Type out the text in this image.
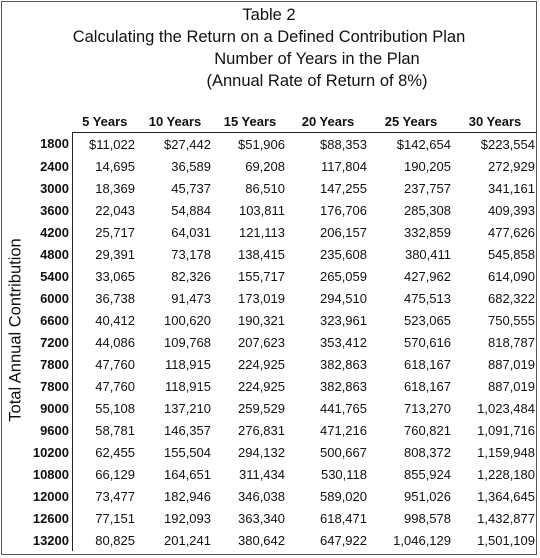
Table 2
Calculating the Return on a Defined Contribution Plan
Number of Years in the Plan
(Annual Rate of Return of 8%)
Total Annual Contribution
	5 Years	10 Years	15 Years	20 Years	25 Years	30 Years
1800	$11,022	$27,442	$51,906	$88,353	$142,654	$223,554
2400	14,695	36,589	69,208	117,804	190,205	272,929
3000	18,369	45,737	86,510	147,255	237,757	341,161
3600	22,043	54,884	103,811	176,706	285,308	409,393
4200	25,717	64,031	121,113	206,157	332,859	477,626
4800	29,391	73,178	138,415	235,608	380,411	545,858
5400	33,065	82,326	155,717	265,059	427,962	614,090
6000	36,738	91,473	173,019	294,510	475,513	682,322
6600	40,412	100,620	190,321	323,961	523,065	750,555
7200	44,086	109,768	207,623	353,412	570,616	818,787
7800	47,760	118,915	224,925	382,863	618,167	887,019
7800	47,760	118,915	224,925	382,863	618,167	887,019
9000	55,108	137,210	259,529	441,765	713,270	1,023,484
9600	58,781	146,357	276,831	471,216	760,821	1,091,716
10200	62,455	155,504	294,132	500,667	808,372	1,159,948
10800	66,129	164,651	311,434	530,118	855,924	1,228,180
12000	73,477	182,946	346,038	589,020	951,026	1,364,645
12600	77,151	192,093	363,340	618,471	998,578	1,432,877
13200	80,825	201,241	380,642	647,922	1,046,129	1,501,109
